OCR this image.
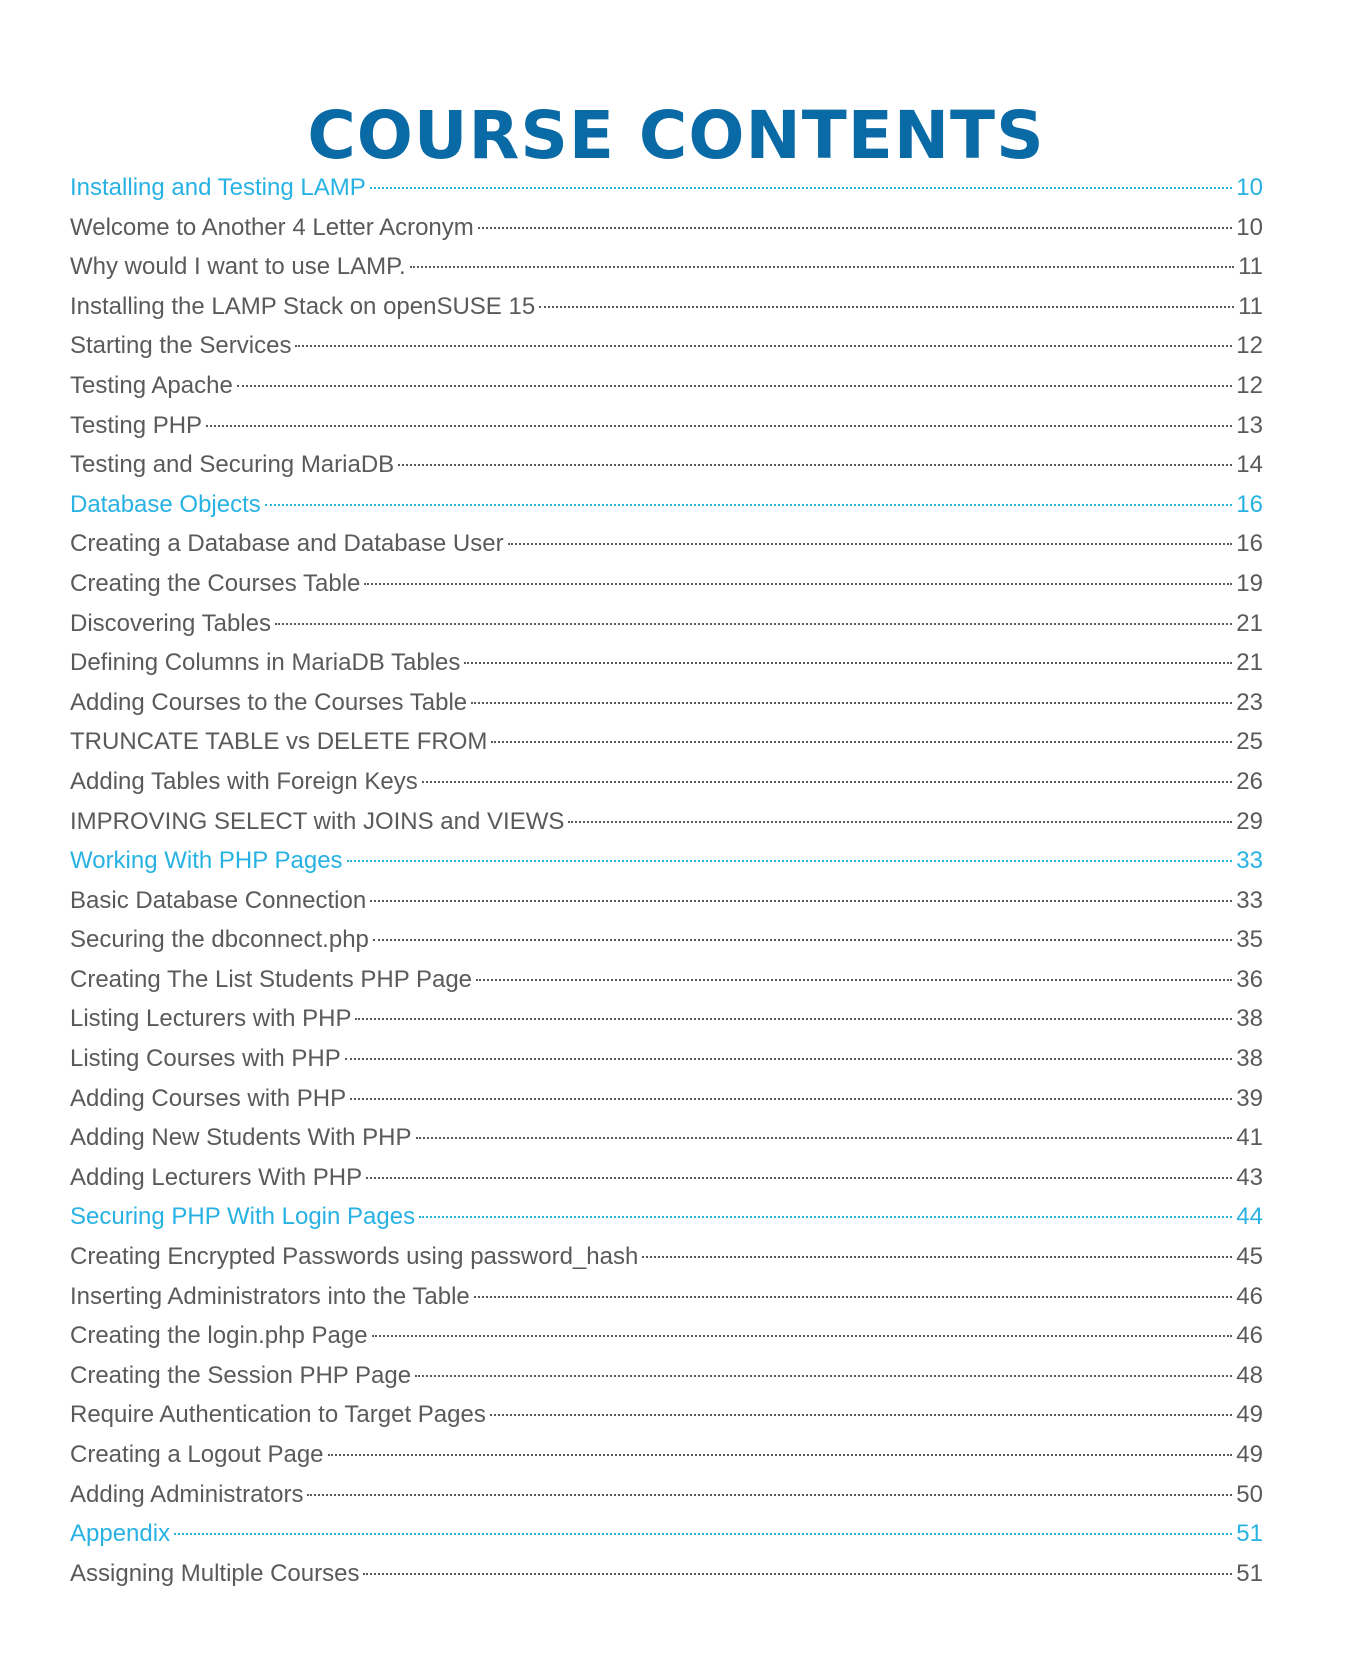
COURSE CONTENTS
Installing and Testing LAMP	10
Welcome to Another 4 Letter Acronym	10
Why would I want to use LAMP.	11
Installing the LAMP Stack on openSUSE 15	11
Starting the Services	12
Testing Apache	12
Testing PHP	13
Testing and Securing MariaDB	14
Database Objects	16
Creating a Database and Database User	16
Creating the Courses Table	19
Discovering Tables	21
Defining Columns in MariaDB Tables	21
Adding Courses to the Courses Table	23
TRUNCATE TABLE vs DELETE FROM	25
Adding Tables with Foreign Keys	26
IMPROVING SELECT with JOINS and VIEWS	29
Working With PHP Pages	33
Basic Database Connection	33
Securing the dbconnect.php	35
Creating The List Students PHP Page	36
Listing Lecturers with PHP	38
Listing Courses with PHP	38
Adding Courses with PHP	39
Adding New Students With PHP	41
Adding Lecturers With PHP	43
Securing PHP With Login Pages	44
Creating Encrypted Passwords using password_hash	45
Inserting Administrators into the Table	46
Creating the login.php Page	46
Creating the Session PHP Page	48
Require Authentication to Target Pages	49
Creating a Logout Page	49
Adding Administrators	50
Appendix	51
Assigning Multiple Courses	51
